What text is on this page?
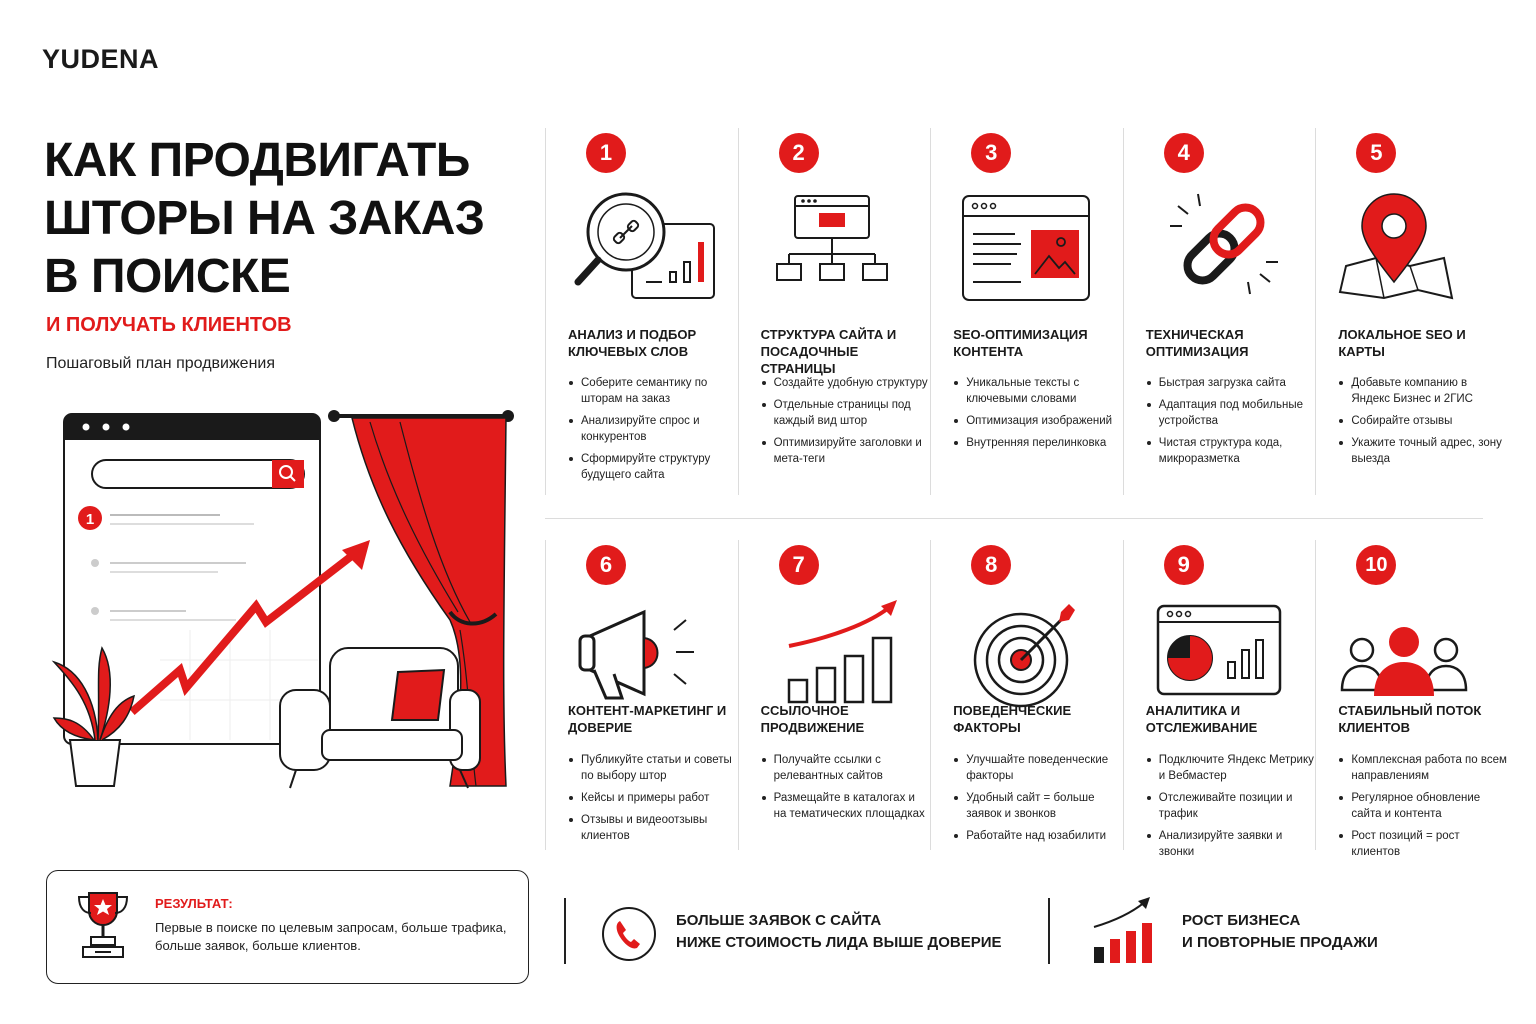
YUDENA
КАК ПРОДВИГАТЬ ШТОРЫ НА ЗАКАЗ В ПОИСКЕ
И ПОЛУЧАТЬ КЛИЕНТОВ
Пошаговый план продвижения
1
1
АНАЛИЗ И ПОДБОР КЛЮЧЕВЫХ СЛОВ
Соберите семантику по шторам на заказ
Анализируйте спрос и конкурентов
Сформируйте структуру будущего сайта
2
СТРУКТУРА САЙТА И ПОСАДОЧНЫЕ СТРАНИЦЫ
Создайте удобную структуру
Отдельные страницы под каждый вид штор
Оптимизируйте заголовки и мета-теги
3
SEO-ОПТИМИЗАЦИЯ КОНТЕНТА
Уникальные тексты с ключевыми словами
Оптимизация изображений
Внутренняя перелинковка
4
ТЕХНИЧЕСКАЯ ОПТИМИЗАЦИЯ
Быстрая загрузка сайта
Адаптация под мобильные устройства
Чистая структура кода, микроразметка
5
ЛОКАЛЬНОЕ SEO И КАРТЫ
Добавьте компанию в Яндекс Бизнес и 2ГИС
Собирайте отзывы
Укажите точный адрес, зону выезда
6
КОНТЕНТ-МАРКЕТИНГ И ДОВЕРИЕ
Публикуйте статьи и советы по выбору штор
Кейсы и примеры работ
Отзывы и видеоотзывы клиентов
7
ССЫЛОЧНОЕ ПРОДВИЖЕНИЕ
Получайте ссылки с релевантных сайтов
Размещайте в каталогах и на тематических площадках
8
ПОВЕДЕНЧЕСКИЕ ФАКТОРЫ
Улучшайте поведенческие факторы
Удобный сайт = больше заявок и звонков
Работайте над юзабилити
9
АНАЛИТИКА И ОТСЛЕЖИВАНИЕ
Подключите Яндекс Метрику и Вебмастер
Отслеживайте позиции и трафик
Анализируйте заявки и звонки
10
СТАБИЛЬНЫЙ ПОТОК КЛИЕНТОВ
Комплексная работа по всем направлениям
Регулярное обновление сайта и контента
Рост позиций = рост клиентов
РЕЗУЛЬТАТ:
Первые в поиске по целевым запросам, больше трафика, больше заявок, больше клиентов.
БОЛЬШЕ ЗАЯВОК С САЙТА
НИЖЕ СТОИМОСТЬ ЛИДА ВЫШЕ ДОВЕРИЕ
РОСТ БИЗНЕСА
И ПОВТОРНЫЕ ПРОДАЖИ
